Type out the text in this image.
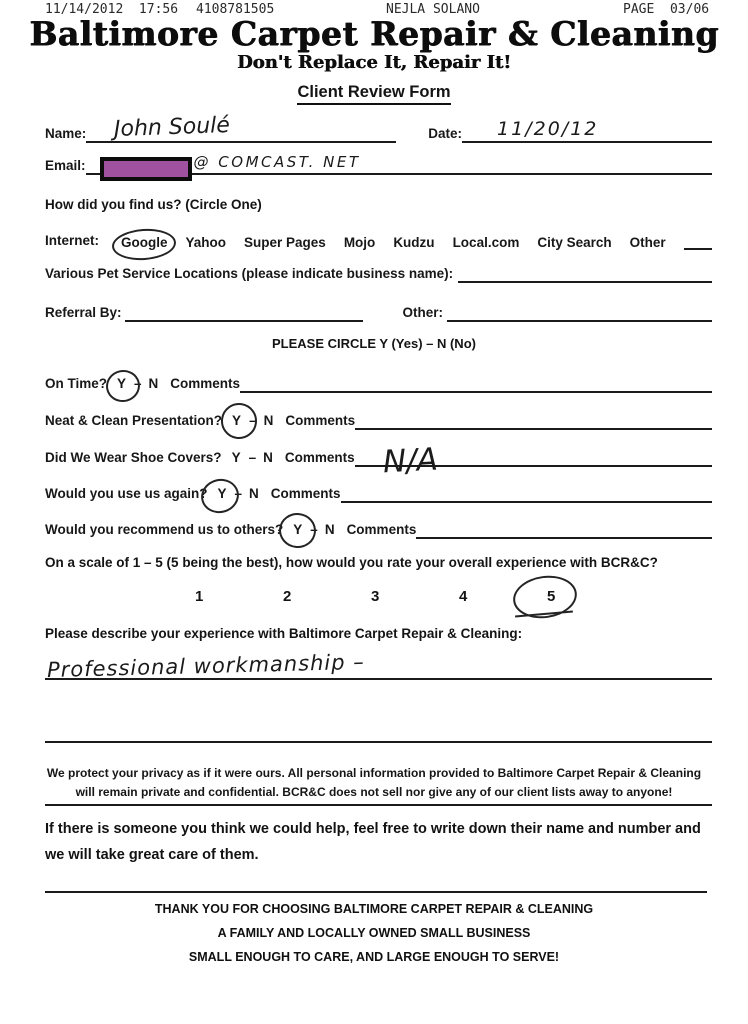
11/14/2012  17:56 4108781505	NEJLA SOLANO	PAGE  03/06
Baltimore Carpet Repair & Cleaning
Don't Replace It, Repair It!
Client Review Form
Name: John Soulé	Date: 11/20/12
Email:	@ COMCAST. NET
How did you find us? (Circle One)
Internet: Google Yahoo Super Pages Mojo Kudzu Local.com City Search Other
Various Pet Service Locations (please indicate business name):
Referral By:	Other:
PLEASE CIRCLE Y (Yes) – N (No)
On Time? Y – N Comments
Neat & Clean Presentation? Y – N Comments
Did We Wear Shoe Covers? Y – N Comments N/A
Would you use us again? Y – N Comments
Would you recommend us to others? Y – N Comments
On a scale of 1 – 5 (5 being the best), how would you rate your overall experience with BCR&C?
1	2	3	4	5
Please describe your experience with Baltimore Carpet Repair & Cleaning:
Professional workmanship –
We protect your privacy as if it were ours. All personal information provided to Baltimore Carpet Repair & Cleaning will remain private and confidential. BCR&C does not sell nor give any of our client lists away to anyone!
If there is someone you think we could help, feel free to write down their name and number and we will take great care of them.
THANK YOU FOR CHOOSING BALTIMORE CARPET REPAIR & CLEANING
A FAMILY AND LOCALLY OWNED SMALL BUSINESS
SMALL ENOUGH TO CARE, AND LARGE ENOUGH TO SERVE!
